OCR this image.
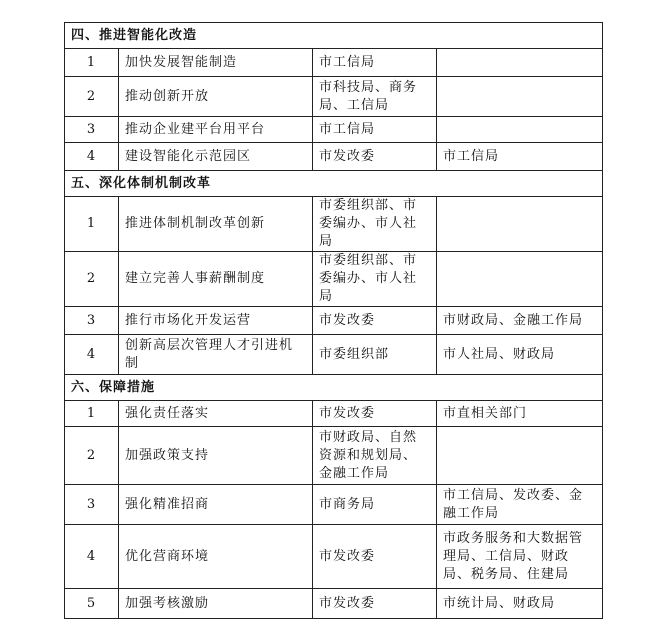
四、推进智能化改造			
1	加快发展智能制造	市工信局	
2	推动创新开放	市科技局、商务局、工信局	
3	推动企业建平台用平台	市工信局	
4	建设智能化示范园区	市发改委	市工信局
五、深化体制机制改革			
1	推进体制机制改革创新	市委组织部、市委编办、市人社局	
2	建立完善人事薪酬制度	市委组织部、市委编办、市人社局	
3	推行市场化开发运营	市发改委	市财政局、金融工作局
4	创新高层次管理人才引进机制	市委组织部	市人社局、财政局
六、保障措施			
1	强化责任落实	市发改委	市直相关部门
2	加强政策支持	市财政局、自然资源和规划局、金融工作局	
3	强化精准招商	市商务局	市工信局、发改委、金融工作局
4	优化营商环境	市发改委	市政务服务和大数据管理局、工信局、财政局、税务局、住建局
5	加强考核激励	市发改委	市统计局、财政局
